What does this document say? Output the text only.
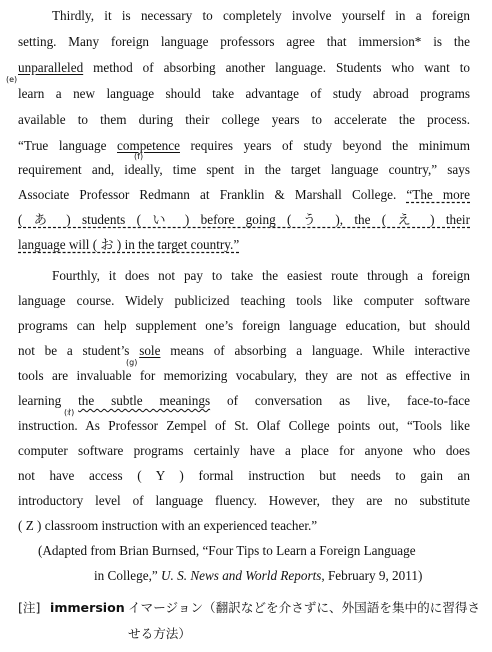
Thirdly, it is necessary to completely involve yourself in a foreign
setting. Many foreign language professors agree that immersion* is the
unparalleled method of absorbing another language. Students who want to
(e)
learn a new language should take advantage of study abroad programs
available to them during their college years to accelerate the process.
“True language competence requires years of study beyond the minimum
(f)
requirement and, ideally, time spent in the target language country,” says
Associate Professor Redmann at Franklin & Marshall College. “The more
( あ ) students ( い ) before going ( う ), the ( え ) their
language will ( お ) in the target country.”
Fourthly, it does not pay to take the easiest route through a foreign
language course. Widely publicized teaching tools like computer software
programs can help supplement one’s foreign language education, but should
not be a student’s sole means of absorbing a language. While interactive
(g)
tools are invaluable for memorizing vocabulary, they are not as effective in
learning the subtle meanings of conversation as live, face-to-face
(ｵ)
instruction. As Professor Zempel of St. Olaf College points out, “Tools like
computer software programs certainly have a place for anyone who does
not have access ( Y ) formal instruction but needs to gain an
introductory level of language fluency. However, they are no substitute
( Z ) classroom instruction with an experienced teacher.”
(Adapted from Brian Burnsed, “Four Tips to Learn a Foreign Language
in College,” U. S. News and World Reports, February 9, 2011)
[注] immersion イマージョン（翻訳などを介さずに、外国語を集中的に習得さ
せる方法）
